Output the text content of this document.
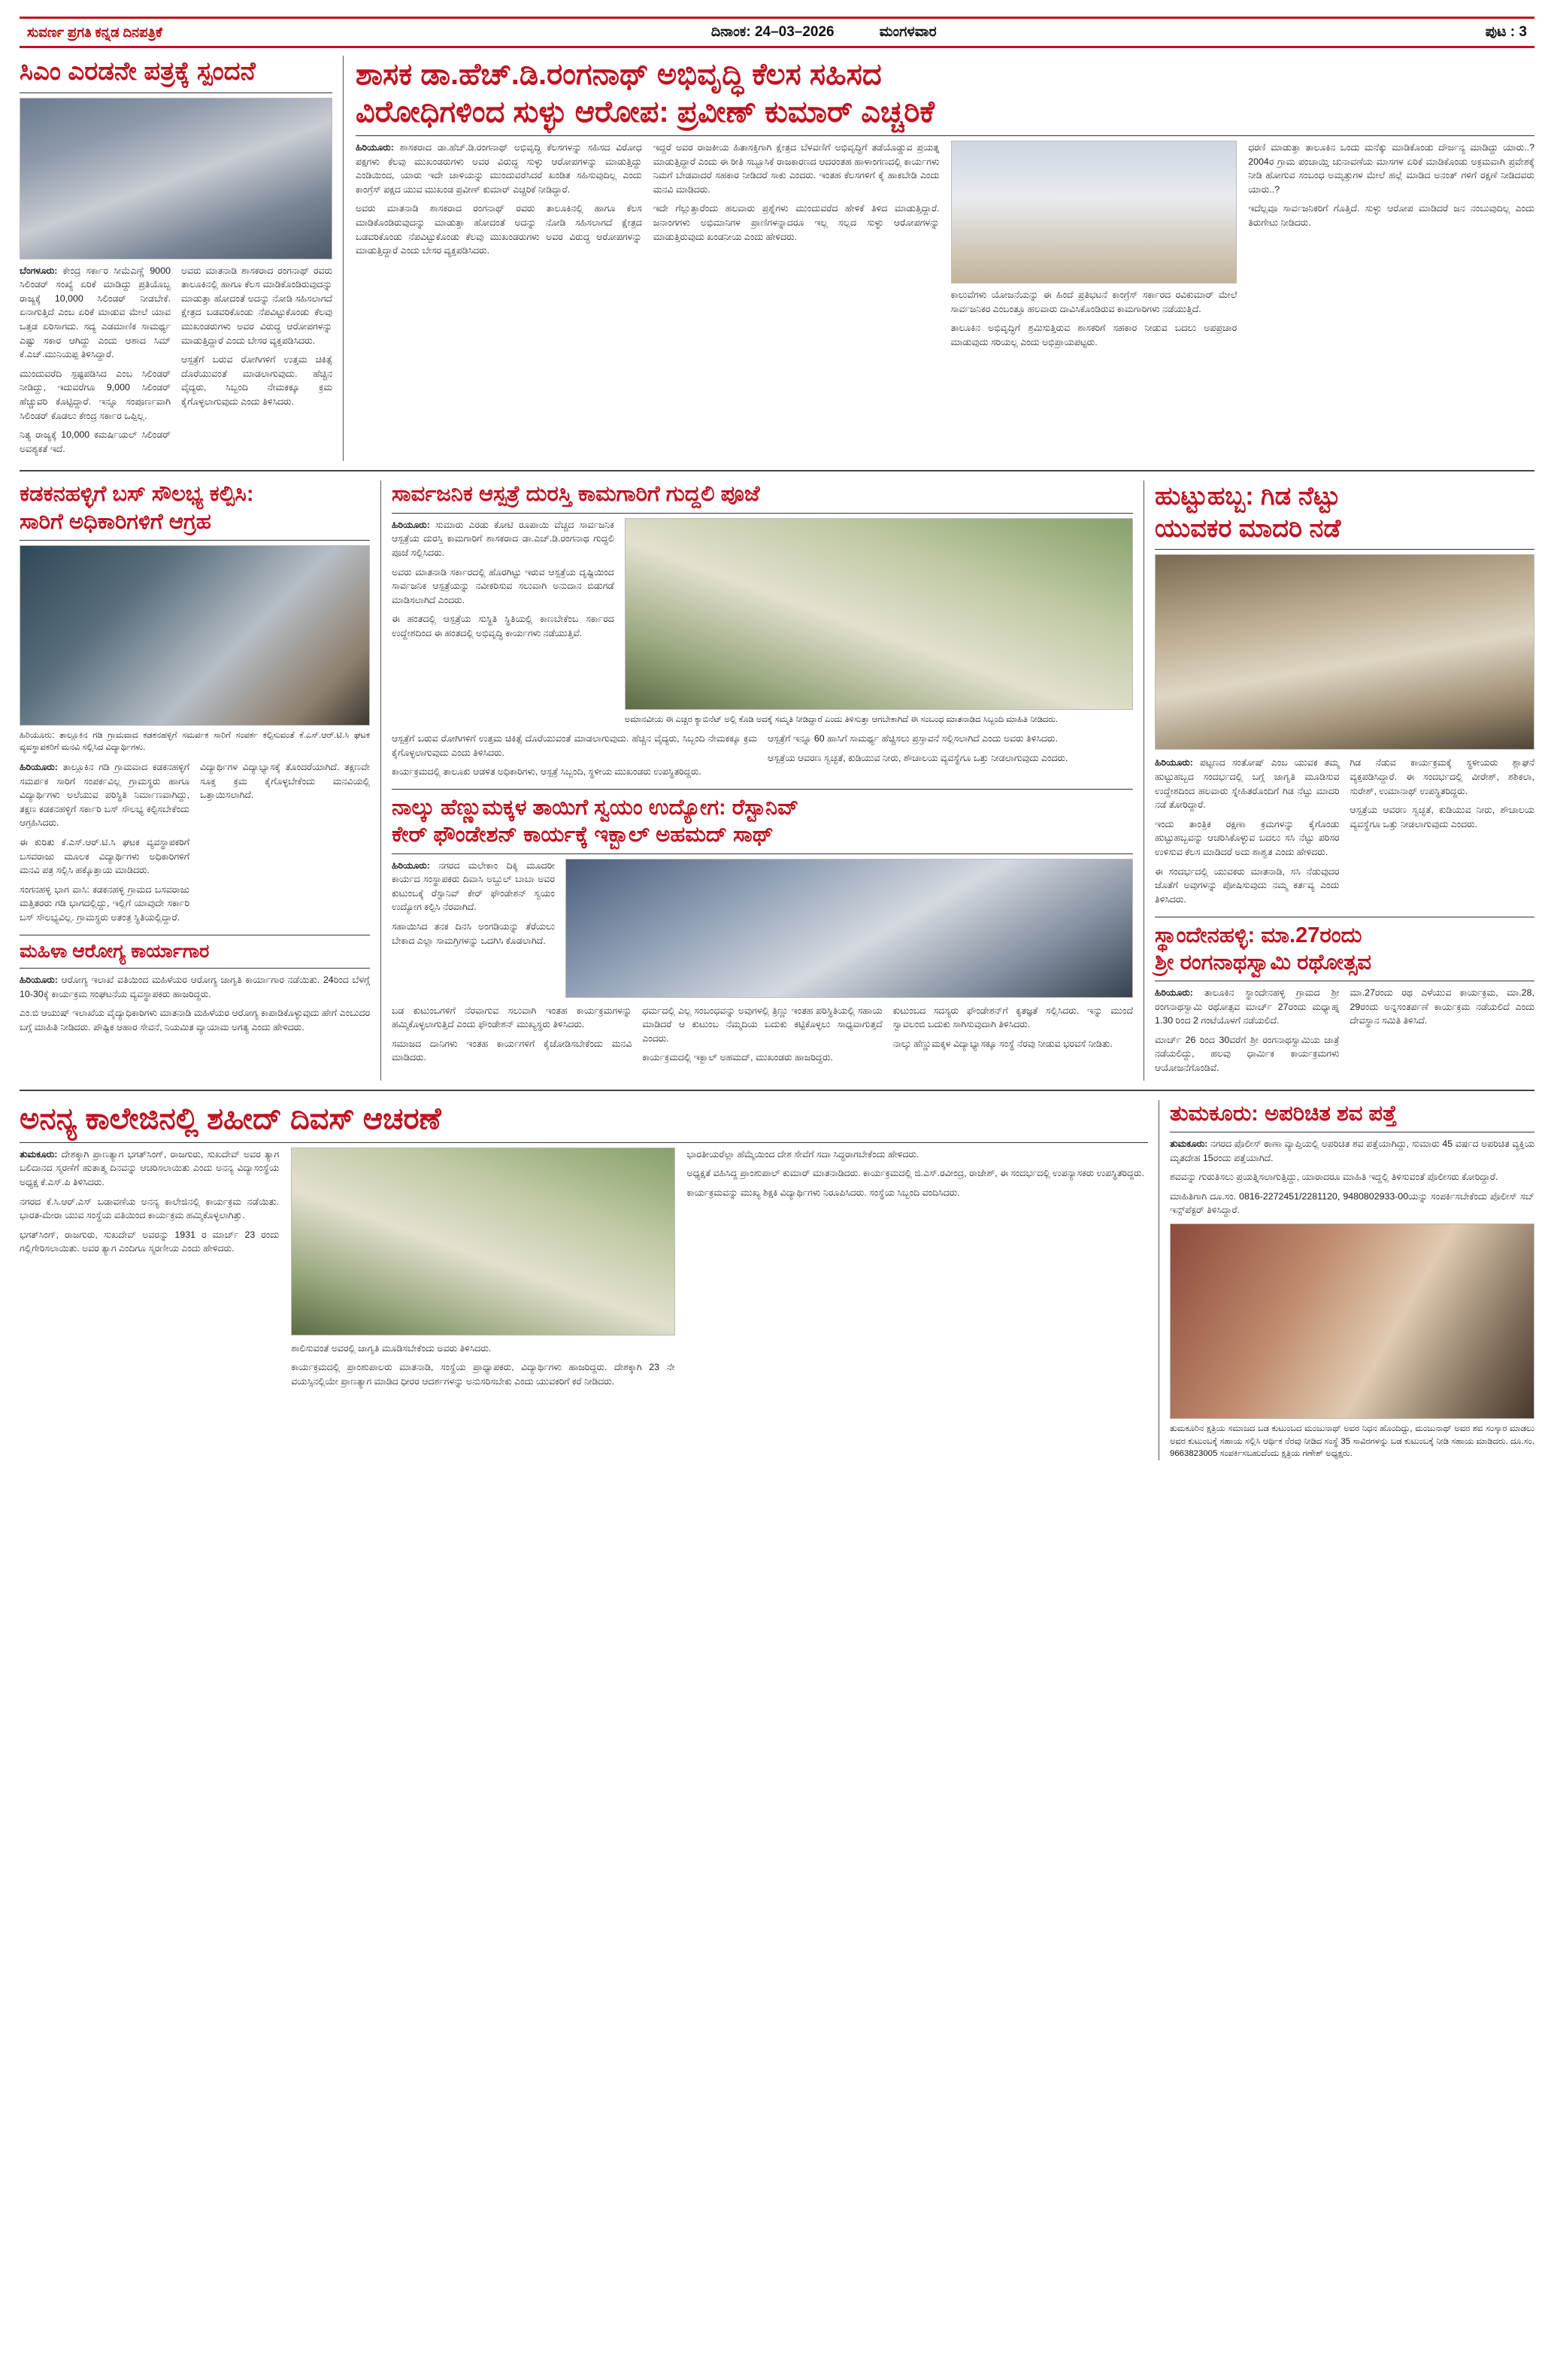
ಸುವರ್ಣ ಪ್ರಗತಿ ಕನ್ನಡ ದಿನಪತ್ರಿಕೆ	ದಿನಾಂಕ: 24–03–2026	ಮಂಗಳವಾರ	ಪುಟ : 3
ಸಿಎಂ ಎರಡನೇ ಪತ್ರಕ್ಕೆ ಸ್ಪಂದನೆ

ಬೆಂಗಳೂರು: ಕೇಂದ್ರ ಸರ್ಕಾರ ಸೀಮೆಎಣ್ಣೆ 9000 ಸಿಲಿಂಡರ್ ಸಂಖ್ಯೆ ಏರಿಕೆ ಮಾಡಿದ್ದು ಪ್ರತಿಯೊಬ್ಬ ರಾಜ್ಯಕ್ಕೆ 10,000 ಸಿಲಿಂಡರ್ ನೀಡಬೇಕೆ. ಏನಾಗುತ್ತಿದೆ ಎಂಬ ಏರಿಕೆ ಮಾಡುವ ಮೇಲೆ ಯಾವ ಒತ್ತಡ ಏರಿಸಾಗದು. ಸದ್ಯ ಎಡಮಾಣಿಕ ಸಾಮರ್ಥ್ಯ ಎಷ್ಟು ಸಕಾರ ಆಗಿದ್ದು ಎಂದು ಆಶಾದ ಸಿಮ್ ಕೆ.ಎಚ್.ಮುನಿಯಪ್ಪ ತಿಳಿಸಿದ್ದಾರೆ.

ಮುಂದುವರೆದಿ ಸ್ಪಷ್ಟಪಡಿಸಿದ ಎಂಬ ಸಿಲಿಂಡರ್ ನೀಡಿದ್ದು, ಇದುವರೆಗೂ 9,000 ಸಿಲಿಂಡರ್ ಹೆಚ್ಚುವರಿ ಕೊಟ್ಟಿದ್ದಾರೆ. ಇನ್ನೂ ಸಂಪೂರ್ಣವಾಗಿ ಸಿಲಿಂಡರ್ ಕೊಡಲು ಕೇಂದ್ರ ಸರ್ಕಾರ ಒಪ್ಪಿಲ್ಲ.

ನಿತ್ಯ ರಾಜ್ಯಕ್ಕೆ 10,000 ಕಮರ್ಷಿಯಲ್ ಸಿಲಿಂಡರ್ ಅವಶ್ಯಕತೆ ಇದೆ.

ಅವರು ಮಾತನಾಡಿ ಶಾಸಕರಾದ ರಂಗನಾಥ್ ರವರು ತಾಲೂಕಿನಲ್ಲಿ ಹಾಗೂ ಕೆಲಸ ಮಾಡಿಕೊಂಡಿರುವುದನ್ನು ಮಾಡುತ್ತಾ ಹೋದಂತೆ ಅದನ್ನು ನೋಡಿ ಸಹಿಸಲಾಗದೆ ಕ್ಷೇತ್ರದ ಬಡವರಿಕೊಂಡು ನೆಪವಿಟ್ಟುಕೊಂಡು ಕೆಲವು ಮುಖಂಡರುಗಳು ಅವರ ವಿರುದ್ಧ ಆರೋಪಗಳನ್ನು ಮಾಡುತ್ತಿದ್ದಾರೆ ಎಂದು ಬೇಸರ ವ್ಯಕ್ತಪಡಿಸಿದರು.

ಆಸ್ಪತ್ರೆಗೆ ಬರುವ ರೋಗಿಗಳಿಗೆ ಉತ್ತಮ ಚಿಕಿತ್ಸೆ ದೊರೆಯುವಂತೆ ಮಾಡಲಾಗುವುದು. ಹೆಚ್ಚಿನ ವೈದ್ಯರು, ಸಿಬ್ಬಂದಿ ನೇಮಕಕ್ಕೂ ಕ್ರಮ ಕೈಗೊಳ್ಳಲಾಗುವುದು ಎಂದು ತಿಳಿಸಿದರು.

ಶಾಸಕ ಡಾ.ಹೆಚ್.ಡಿ.ರಂಗನಾಥ್ ಅಭಿವೃದ್ಧಿ ಕೆಲಸ ಸಹಿಸದ
ವಿರೋಧಿಗಳಿಂದ ಸುಳ್ಳು ಆರೋಪ: ಪ್ರವೀಣ್ ಕುಮಾರ್ ಎಚ್ಚರಿಕೆ

ಹಿರಿಯೂರು: ಶಾಸಕರಾದ ಡಾ.ಹೆಚ್.ಡಿ.ರಂಗನಾಥ್ ಅಭಿವೃದ್ಧಿ ಕೆಲಸಗಳನ್ನು ಸಹಿಸದ ವಿರೋಧ ಪಕ್ಷಗಳು ಕೆಲವು ಮುಖಂಡರುಗಳು ಅವರ ವಿರುದ್ಧ ಸುಳ್ಳು ಆರೋಪಗಳನ್ನು ಮಾಡುತ್ತಿದ್ದು ಎಂಡಿಯಿಂದ, ಯಾರು ಇದೇ ಚಾಳಿಯನ್ನು ಮುಂದುವರೆಸಿದರೆ ಖಂಡಿತ ಸಹಿಸುವುದಿಲ್ಲ ಎಂದು ಕಾಂಗ್ರೆಸ್ ಪಕ್ಷದ ಯುವ ಮುಖಂಡ ಪ್ರವೀಣ್ ಕುಮಾರ್ ಎಚ್ಚರಿಕೆ ನೀಡಿದ್ದಾರೆ.

ಅವರು ಮಾತನಾಡಿ ಶಾಸಕರಾದ ರಂಗನಾಥ್ ರವರು ತಾಲೂಕಿನಲ್ಲಿ ಹಾಗೂ ಕೆಲಸ ಮಾಡಿಕೊಂಡಿರುವುದನ್ನು ಮಾಡುತ್ತಾ ಹೋದಂತೆ ಅದನ್ನು ನೋಡಿ ಸಹಿಸಲಾಗದೆ ಕ್ಷೇತ್ರದ ಬಡವರಿಕೊಂಡು ನೆಪವಿಟ್ಟುಕೊಂಡು ಕೆಲವು ಮುಖಂಡರುಗಳು ಅವರ ವಿರುದ್ಧ ಆರೋಪಗಳನ್ನು ಮಾಡುತ್ತಿದ್ದಾರೆ ಎಂದು ಬೇಸರ ವ್ಯಕ್ತಪಡಿಸಿದರು.

ಇದ್ದರೆ ಅವರ ರಾಜಕೀಯ ಹಿತಾಸಕ್ತಿಗಾಗಿ ಕ್ಷೇತ್ರದ ಬೆಳವಣಿಗೆ ಅಭಿವೃದ್ಧಿಗೆ ತಡೆಯೊಡ್ಡುವ ಪ್ರಯತ್ನ ಮಾಡುತ್ತಿದ್ದಾರೆ ಎಂದು ಈ ರೀತಿ ಸಬ್ಬೂಸಿಕೆ ರಾಜಕಾರಣದ ಆದರಂತಹ ಹಾಳಾಂಗಣದಲ್ಲಿ ಕಾರ್ಯಗಳು ನಿಮಗೆ ಬೇಡವಾದರೆ ಸಹಕಾರ ನೀಡಿದರೆ ಸಾಕು ಎಂದರು. ಇಂತಹ ಕೆಲಸಗಳಿಗೆ ಕೈ ಹಾಕಬೇಡಿ ಎಂದು ಮನವಿ ಮಾಡಿದರು.

ಇದೇ ಗೆಲ್ಲುತ್ತಾರೆಂದು ಹಲವಾರು ಪ್ರಶ್ನೆಗಳು ಮುಂದುವರೆದ ಹೇಳಿಕೆ ತಿಳಿದ ಮಾಡುತ್ತಿದ್ದಾರೆ. ಜನಾಂಗಗಳು ಅಭಿಮಾನಿಗಳ ಪ್ರಾಣಿಗಳನ್ನಾದರೂ ಇಲ್ಲ ಸಲ್ಲದ ಸುಳ್ಳು ಆರೋಪಗಳನ್ನು ಮಾಡುತ್ತಿರುವುದು ಖಂಡನೀಯ ಎಂದು ಹೇಳಿದರು.

ಕಾಲುವೆಗಳು ಯೋಜನೆಯನ್ನು ಈ ಹಿಂದೆ ಪ್ರತಿಭಟನೆ ಕಾಂಗ್ರೆಸ್ ಸರ್ಕಾರದ ರವಿಕುಮಾರ್ ಮೇಲೆ ಸಾರ್ವಜನಿಕರ ಎಂಬಂತ್ತೂ ಹಲವಾರು ದಾವಿಸಿಕೊಂಡಿರುವ ಕಾಮಗಾರಿಗಳು ನಡೆಯುತ್ತಿದೆ.

ತಾಲೂಕಿನ ಅಭಿವೃದ್ಧಿಗೆ ಶ್ರಮಿಸುತ್ತಿರುವ ಶಾಸಕರಿಗೆ ಸಹಕಾರ ನೀಡುವ ಬದಲು ಅಪಪ್ರಚಾರ ಮಾಡುವುದು ಸರಿಯಲ್ಲ ಎಂದು ಅಭಿಪ್ರಾಯಪಟ್ಟರು.

ಧರಣಿ ಮಾಡುತ್ತಾ ತಾಲೂಕಿನ ಒಂದು ಮನೆಕ್ಕು ಮಾಡಿಕೊಂಡು ದೌರ್ಜನ್ಯ ಮಾಡಿದ್ದು ಯಾರು..? 2004ರ ಗ್ರಾಮ ಪಂಚಾಯ್ತಿ ಚುನಾವಣೆಯ ಮಾಸಗಳ ಏರಿಕೆ ಮಾಡಿಕೊಂಡು ಅಕ್ರಮವಾಗಿ ಪ್ರವೇಶಕ್ಕೆ ನೀಡಿ ಹೋಗುವ ಸಂಬಂಧ ಅಮೃತ್ತುಗಳ ಮೇಲೆ ಹಲ್ಲೆ ಮಾಡಿದ ಅನಂತ್ ಗಳಿಗೆ ರಕ್ಷಣೆ ನೀಡಿದವರು ಯಾರು..?

ಇದೆಲ್ಲವೂ ಸಾರ್ವಜನಿಕರಿಗೆ ಗೊತ್ತಿದೆ. ಸುಳ್ಳು ಆರೋಪ ಮಾಡಿದರೆ ಜನ ನಂಬುವುದಿಲ್ಲ ಎಂದು ತಿರುಗೇಟು ನೀಡಿದರು.

ಕಡಕನಹಳ್ಳಿಗೆ ಬಸ್ ಸೌಲಭ್ಯ ಕಲ್ಪಿಸಿ:
ಸಾರಿಗೆ ಅಧಿಕಾರಿಗಳಿಗೆ ಆಗ್ರಹ
ಹಿರಿಯೂರು: ತಾಲ್ಲೂಕಿನ ಗಡಿ ಗ್ರಾಮವಾದ ಕಡಕನಹಳ್ಳಿಗೆ ಸಮರ್ಪಕ ಸಾರಿಗೆ ಸಂಪರ್ಕ ಕಲ್ಪಿಸುವಂತೆ ಕೆ.ಎಸ್.ಆರ್.ಟಿ.ಸಿ ಘಟಕ ವ್ಯವಸ್ಥಾಪಕರಿಗೆ ಮನವಿ ಸಲ್ಲಿಸಿದ ವಿದ್ಯಾರ್ಥಿಗಳು.

ಹಿರಿಯೂರು: ತಾಲ್ಲೂಕಿನ ಗಡಿ ಗ್ರಾಮವಾದ ಕಡಕನಹಳ್ಳಿಗೆ ಸಮರ್ಪಕ ಸಾರಿಗೆ ಸಂಪರ್ಕವಿಲ್ಲ ಗ್ರಾಮಸ್ಥರು ಹಾಗೂ ವಿದ್ಯಾರ್ಥಿಗಳು ಅಲೆಯುವ ಪರಿಸ್ಥಿತಿ ನಿರ್ಮಾಣವಾಗಿದ್ದು, ತಕ್ಷಣ ಕಡಕನಹಳ್ಳಿಗೆ ಸರ್ಕಾರಿ ಬಸ್ ಸೌಲಭ್ಯ ಕಲ್ಪಿಸಬೇಕೆಂದು ಆಗ್ರಹಿಸಿದರು.

ಈ ಕುರಿತು ಕೆ.ಎಸ್.ಆರ್.ಟಿ.ಸಿ ಘಟಕ ವ್ಯವಸ್ಥಾಪಕರಿಗೆ ಬಸವರಾಜು ಮೂಲಕ ವಿದ್ಯಾರ್ಥಿಗಳು ಅಧಿಕಾರಿಗಳಿಗೆ ಮನವಿ ಪತ್ರ ಸಲ್ಲಿಸಿ ಹಕ್ಕೊತ್ತಾಯ ಮಾಡಿದರು.

ಸಂಗನಹಳ್ಳಿ ಭಾಗ ವಾಸಿ: ಕಡಕನಹಳ್ಳಿ ಗ್ರಾಮದ ಬಸವರಾಜು ಮತ್ತಿತರರು ಗಡಿ ಭಾಗದಲ್ಲಿದ್ದು, ಇಲ್ಲಿಗೆ ಯಾವುದೇ ಸರ್ಕಾರಿ ಬಸ್ ಸೌಲಭ್ಯವಿಲ್ಲ. ಗ್ರಾಮಸ್ಥರು ಅತಂತ್ರ ಸ್ಥಿತಿಯಲ್ಲಿದ್ದಾರೆ.

ವಿದ್ಯಾರ್ಥಿಗಳ ವಿದ್ಯಾಭ್ಯಾಸಕ್ಕೆ ತೊಂದರೆಯಾಗಿದೆ. ತಕ್ಷಣವೇ ಸೂಕ್ತ ಕ್ರಮ ಕೈಗೊಳ್ಳಬೇಕೆಂದು ಮನವಿಯಲ್ಲಿ ಒತ್ತಾಯಿಸಲಾಗಿದೆ.

ಮಹಿಳಾ ಆರೋಗ್ಯ ಕಾರ್ಯಾಗಾರ

ಹಿರಿಯೂರು: ಆರೋಗ್ಯ ಇಲಾಖೆ ವತಿಯಿಂದ ಮಹಿಳೆಯರ ಆರೋಗ್ಯ ಜಾಗೃತಿ ಕಾರ್ಯಾಗಾರ ನಡೆಯಿತು. 24ರಿಂದ ಬೆಳಗ್ಗೆ 10-30ಕ್ಕೆ ಕಾರ್ಯಕ್ರಮ ಸಂಘಟನೆಯ ವ್ಯವಸ್ಥಾಪಕರು ಹಾಜರಿದ್ದರು.

ಎಂ.ಬಿ ಆಯುಷ್ ಇಲಾಖೆಯ ವೈದ್ಯಾಧಿಕಾರಿಗಳು ಮಾತನಾಡಿ ಮಹಿಳೆಯರ ಆರೋಗ್ಯ ಕಾಪಾಡಿಕೊಳ್ಳುವುದು ಹೇಗೆ ಎಂಬುದರ ಬಗ್ಗೆ ಮಾಹಿತಿ ನೀಡಿದರು. ಪೌಷ್ಟಿಕ ಆಹಾರ ಸೇವನೆ, ನಿಯಮಿತ ವ್ಯಾಯಾಮ ಅಗತ್ಯ ಎಂದು ಹೇಳಿದರು.

ಸಾರ್ವಜನಿಕ ಆಸ್ಪತ್ರೆ ದುರಸ್ತಿ ಕಾಮಗಾರಿಗೆ ಗುದ್ದಲಿ ಪೂಜೆ

ಹಿರಿಯೂರು: ಸುಮಾರು ಎರಡು ಕೋಟಿ ರೂಪಾಯಿ ವೆಚ್ಚದ ಸಾರ್ವಜನಿಕ ಆಸ್ಪತ್ರೆಯ ದುರಸ್ತಿ ಕಾಮಗಾರಿಗೆ ಶಾಸಕರಾದ ಡಾ.ಎಚ್.ಡಿ.ರಂಗನಾಥ ಗುದ್ದಲಿ ಪೂಜೆ ಸಲ್ಲಿಸಿದರು.

ಅವರು ಮಾತನಾಡಿ ಸರ್ಕಾರದಲ್ಲಿ ಹೊರಗಿಟ್ಟು ಇರುವ ಆಸ್ಪತ್ರೆಯ ದೃಷ್ಟಿಯಿಂದ ಸಾರ್ವಜನಿಕ ಆಸ್ಪತ್ರೆಯನ್ನು ನವೀಕರಿಸುವ ಸಲುವಾಗಿ ಅನುದಾನ ಬಿಡುಗಡೆ ಮಾಡಿಸಲಾಗಿದೆ ಎಂದರು.

ಈ ಹಂತದಲ್ಲಿ ಆಸ್ಪತ್ರೆಯ ಸುಸ್ಥಿತಿ ಸ್ಥಿತಿಯಲ್ಲಿ ಕಾಣಬೇಕೆಂಬ ಸರ್ಕಾರದ ಉದ್ದೇಶದಿಂದ ಈ ಹಂತದಲ್ಲಿ ಅಭಿವೃದ್ಧಿ ಕಾರ್ಯಗಳು ನಡೆಯುತ್ತಿವೆ.

ಅಮಾನವೀಯ ಈ ಎಚ್ಚರ ಕ್ಯಾಬಿನೆಟ್ ಅಲ್ಲಿ ಕೊಡಿ ಅದಕ್ಕೆ ಸಮ್ಮತಿ ನೀಡಿದ್ದಾರೆ ಎಂದು ತಿಳಿಸುತ್ತಾ ಆಗಬೇಕಾಗಿದೆ ಈ ಸಂಬಂಧ ಮಾತನಾಡಿದ ಸಿಬ್ಬಂದಿ ಮಾಹಿತಿ ನೀಡಿದರು.

ಆಸ್ಪತ್ರೆಗೆ ಬರುವ ರೋಗಿಗಳಿಗೆ ಉತ್ತಮ ಚಿಕಿತ್ಸೆ ದೊರೆಯುವಂತೆ ಮಾಡಲಾಗುವುದು. ಹೆಚ್ಚಿನ ವೈದ್ಯರು, ಸಿಬ್ಬಂದಿ ನೇಮಕಕ್ಕೂ ಕ್ರಮ ಕೈಗೊಳ್ಳಲಾಗುವುದು ಎಂದು ತಿಳಿಸಿದರು.

ಕಾರ್ಯಕ್ರಮದಲ್ಲಿ ತಾಲೂಕು ಆಡಳಿತ ಅಧಿಕಾರಿಗಳು, ಆಸ್ಪತ್ರೆ ಸಿಬ್ಬಂದಿ, ಸ್ಥಳೀಯ ಮುಖಂಡರು ಉಪಸ್ಥಿತರಿದ್ದರು.

ಆಸ್ಪತ್ರೆಗೆ ಇನ್ನೂ 60 ಹಾಸಿಗೆ ಸಾಮರ್ಥ್ಯ ಹೆಚ್ಚಿಸಲು ಪ್ರಸ್ತಾವನೆ ಸಲ್ಲಿಸಲಾಗಿದೆ ಎಂದು ಅವರು ತಿಳಿಸಿದರು.

ಆಸ್ಪತ್ರೆಯ ಆವರಣ ಸ್ವಚ್ಛತೆ, ಕುಡಿಯುವ ನೀರು, ಶೌಚಾಲಯ ವ್ಯವಸ್ಥೆಗೂ ಒತ್ತು ನೀಡಲಾಗುವುದು ಎಂದರು.

ನಾಲ್ಕು ಹೆಣ್ಣುಮಕ್ಕಳ ತಾಯಿಗೆ ಸ್ವಯಂ ಉದ್ಯೋಗ: ರೆಸ್ಟಾನಿವ್
ಕೇರ್ ಫೌಂಡೇಶನ್ ಕಾರ್ಯಕ್ಕೆ ಇಕ್ಬಾಲ್ ಅಹಮದ್ ಸಾಥ್

ಹಿರಿಯೂರು: ನಗರದ ಮಲೇಕಾಂ ದಿಕ್ಕಿ ಮೂದರೀ ಕಾರ್ಯದ ಸಂಸ್ಥಾಪಕರು ದಿವಾಸಿ ಅಬ್ದುಲ್ ಬಾಬಾ ಅವರ ಕುಟುಂಬಕ್ಕೆ ರೆಸ್ಟಾನಿವ್ ಕೇರ್ ಫೌಂಡೇಶನ್ ಸ್ವಯಂ ಉದ್ಯೋಗ ಕಲ್ಪಿಸಿ ನೆರವಾಗಿದೆ.

ಸಹಾಯಿಸಿದ ತನಕ ದಿನಸಿ ಅಂಗಡಿಯನ್ನು ತೆರೆಯಲು ಬೇಕಾದ ಎಲ್ಲಾ ಸಾಮಗ್ರಿಗಳನ್ನು ಒದಗಿಸಿ ಕೊಡಲಾಗಿದೆ.

ಬಡ ಕುಟುಂಬಗಳಿಗೆ ನೆರವಾಗುವ ಸಲುವಾಗಿ ಇಂತಹ ಕಾರ್ಯಕ್ರಮಗಳನ್ನು ಹಮ್ಮಿಕೊಳ್ಳಲಾಗುತ್ತಿದೆ ಎಂದು ಫೌಂಡೇಶನ್ ಮುಖ್ಯಸ್ಥರು ತಿಳಿಸಿದರು.

ಸಮಾಜದ ದಾನಿಗಳು ಇಂತಹ ಕಾರ್ಯಗಳಿಗೆ ಕೈಜೋಡಿಸಬೇಕೆಂದು ಮನವಿ ಮಾಡಿದರು.

ಧರ್ಮದಲ್ಲಿ ಎಲ್ಲ ಸಂಬಂಧವನ್ನು ಅವುಗಳಲ್ಲಿ ತ್ರಿಣ್ಣು ಇಂತಹ ಪರಿಸ್ಥಿತಿಯಲ್ಲಿ ಸಹಾಯ ಮಾಡಿದರೆ ಆ ಕುಟುಂಬ ನೆಮ್ಮದಿಯ ಬದುಕು ಕಟ್ಟಿಕೊಳ್ಳಲು ಸಾಧ್ಯವಾಗುತ್ತದೆ ಎಂದರು.

ಕಾರ್ಯಕ್ರಮದಲ್ಲಿ ಇಕ್ಬಾಲ್ ಅಹಮದ್, ಮುಖಂಡರು ಹಾಜರಿದ್ದರು.

ಕುಟುಂಬದ ಸದಸ್ಯರು ಫೌಂಡೇಶನ್‌ಗೆ ಕೃತಜ್ಞತೆ ಸಲ್ಲಿಸಿದರು. ಇನ್ನು ಮುಂದೆ ಸ್ವಾವಲಂಬಿ ಬದುಕು ಸಾಗಿಸುವುದಾಗಿ ತಿಳಿಸಿದರು.

ನಾಲ್ಕು ಹೆಣ್ಣುಮಕ್ಕಳ ವಿದ್ಯಾಭ್ಯಾಸಕ್ಕೂ ಸಂಸ್ಥೆ ನೆರವು ನೀಡುವ ಭರವಸೆ ನೀಡಿತು.

ಹುಟ್ಟುಹಬ್ಬ: ಗಿಡ ನೆಟ್ಟು
ಯುವಕರ ಮಾದರಿ ನಡೆ

ಹಿರಿಯೂರು: ಪಟ್ಟಣದ ಸಂತೋಷ್ ಎಂಬ ಯುವಕ ತಮ್ಮ ಹುಟ್ಟುಹಬ್ಬದ ಸಂದರ್ಭದಲ್ಲಿ ಬಗ್ಗೆ ಜಾಗೃತಿ ಮೂಡಿಸುವ ಉದ್ದೇಶದಿಂದ ಹಲವಾರು ಸ್ನೇಹಿತರೊಂದಿಗೆ ಗಿಡ ನೆಟ್ಟು ಮಾದರಿ ನಡೆ ತೋರಿದ್ದಾರೆ.

ಇಂದು ತಾಂತ್ರಿಕ ರಕ್ಷಣಾ ಕ್ರಮಗಳನ್ನು ಕೈಗೊಂಡು ಹುಟ್ಟುಹಬ್ಬವನ್ನು ಆಚರಿಸಿಕೊಳ್ಳುವ ಬದಲು ಸಸಿ ನೆಟ್ಟು ಪರಿಸರ ಉಳಿಸುವ ಕೆಲಸ ಮಾಡಿದರೆ ಅದು ಶಾಶ್ವತ ಎಂದು ಹೇಳಿದರು.

ಈ ಸಂದರ್ಭದಲ್ಲಿ ಯುವಕರು ಮಾತನಾಡಿ, ಸಸಿ ನೆಡುವುದರ ಜೊತೆಗೆ ಅವುಗಳನ್ನು ಪೋಷಿಸುವುದು ನಮ್ಮ ಕರ್ತವ್ಯ ಎಂದು ತಿಳಿಸಿದರು.

ಗಿಡ ನೆಡುವ ಕಾರ್ಯಕ್ರಮಕ್ಕೆ ಸ್ಥಳೀಯರು ಶ್ಲಾಘನೆ ವ್ಯಕ್ತಪಡಿಸಿದ್ದಾರೆ. ಈ ಸಂದರ್ಭದಲ್ಲಿ ವೀರೇಶ್, ಶಶಿಕಲಾ, ಸುರೇಶ್, ಉಮಾನಾಥ್ ಉಪಸ್ಥಿತರಿದ್ದರು.

ಆಸ್ಪತ್ರೆಯ ಆವರಣ ಸ್ವಚ್ಛತೆ, ಕುಡಿಯುವ ನೀರು, ಶೌಚಾಲಯ ವ್ಯವಸ್ಥೆಗೂ ಒತ್ತು ನೀಡಲಾಗುವುದು ಎಂದರು.

ಸ್ಥಾಂದೇನಹಳ್ಳಿ: ಮಾ.27ರಂದು
ಶ್ರೀ ರಂಗನಾಥಸ್ವಾಮಿ ರಥೋತ್ಸವ

ಹಿರಿಯೂರು: ತಾಲೂಕಿನ ಸ್ಥಾಂದೇನಹಳ್ಳಿ ಗ್ರಾಮದ ಶ್ರೀ ರಂಗನಾಥಸ್ವಾಮಿ ರಥೋತ್ಸವ ಮಾರ್ಚ್ 27ರಂದು ಮಧ್ಯಾಹ್ನ 1.30 ರಿಂದ 2 ಗಂಟೆಯೊಳಗೆ ನಡೆಯಲಿದೆ.

ಮಾರ್ಚ್ 26 ರಿಂದ 30ವರೆಗೆ ಶ್ರೀ ರಂಗನಾಥಸ್ವಾಮಿಯ ಜಾತ್ರೆ ನಡೆಯಲಿದ್ದು, ಹಲವು ಧಾರ್ಮಿಕ ಕಾರ್ಯಕ್ರಮಗಳು ಆಯೋಜನೆಗೊಂಡಿವೆ.

ಮಾ.27ರಂದು ರಥ ಎಳೆಯುವ ಕಾರ್ಯಕ್ರಮ, ಮಾ.28, 29ರಂದು ಅನ್ನಸಂತರ್ಪಣೆ ಕಾರ್ಯಕ್ರಮ ನಡೆಯಲಿದೆ ಎಂದು ದೇವಸ್ಥಾನ ಸಮಿತಿ ತಿಳಿಸಿದೆ.

ಅನನ್ಯ ಕಾಲೇಜಿನಲ್ಲಿ ಶಹೀದ್ ದಿವಸ್ ಆಚರಣೆ

ತುಮಕೂರು: ದೇಶಕ್ಕಾಗಿ ಪ್ರಾಣತ್ಯಾಗ ಭಗತ್‌ಸಿಂಗ್, ರಾಜಗುರು, ಸುಖದೇವ್ ಅವರ ತ್ಯಾಗ ಬಲಿದಾನದ ಸ್ಮರಣೆಗೆ ಹುತಾತ್ಮ ದಿನವನ್ನು ಆಚರಿಸಲಾಯಿತು ಎಂದು ಅನನ್ಯ ವಿದ್ಯಾಸಂಸ್ಥೆಯ ಅಧ್ಯಕ್ಷ ಕೆ.ಎಸ್.ಪಿ ತಿಳಿಸಿದರು.

ನಗರದ ಕೆ.ಸಿ.ಆರ್.ಎಸ್ ಬಡಾವಣೆಯ ಅನನ್ಯ ಕಾಲೇಜಿನಲ್ಲಿ ಕಾರ್ಯಕ್ರಮ ನಡೆಯಿತು. ಭಾರತ-ಮೇರಾ ಯುವ ಸಂಸ್ಥೆಯ ವತಿಯಿಂದ ಕಾರ್ಯಕ್ರಮ ಹಮ್ಮಿಕೊಳ್ಳಲಾಗಿತ್ತು.

ಭಗತ್‌ಸಿಂಗ್, ರಾಜಗುರು, ಸುಖದೇವ್ ಅವರನ್ನು 1931 ರ ಮಾರ್ಚ್ 23 ರಂದು ಗಲ್ಲಿಗೇರಿಸಲಾಯಿತು. ಅವರ ತ್ಯಾಗ ಎಂದಿಗೂ ಸ್ಮರಣೀಯ ಎಂದು ಹೇಳಿದರು.

ಶಾಲಿಸುವಂತೆ ಅವರಲ್ಲಿ ಜಾಗೃತಿ ಮೂಡಿಸಬೇಕೆಂದು ಅವರು ತಿಳಿಸಿದರು.

ಕಾರ್ಯಕ್ರಮದಲ್ಲಿ ಪ್ರಾಂಶುಪಾಲರು ಮಾತನಾಡಿ, ಸಂಸ್ಥೆಯ ಪ್ರಾಧ್ಯಾಪಕರು, ವಿದ್ಯಾರ್ಥಿಗಳು ಹಾಜರಿದ್ದರು. ದೇಶಕ್ಕಾಗಿ 23 ನೇ ವಯಸ್ಸಿನಲ್ಲಿಯೇ ಪ್ರಾಣತ್ಯಾಗ ಮಾಡಿದ ಧೀರರ ಆದರ್ಶಗಳನ್ನು ಅನುಸರಿಸಬೇಕು ಎಂದು ಯುವಕರಿಗೆ ಕರೆ ನೀಡಿದರು.

ಭಾರತೀಯರೆಲ್ಲಾ ಹೆಮ್ಮೆಯಿಂದ ದೇಶ ಸೇವೆಗೆ ಸದಾ ಸಿದ್ಧರಾಗಬೇಕೆಂದು ಹೇಳಿದರು.

ಅಧ್ಯಕ್ಷತೆ ವಹಿಸಿದ್ದ ಪ್ರಾಂಶುಪಾಲ್ ಕುಮಾರ್ ಮಾತನಾಡಿದರು. ಕಾರ್ಯಕ್ರಮದಲ್ಲಿ ಜಿ.ಎಸ್.ರವೀಂದ್ರ, ರಾಜೇಶ್, ಈ ಸಂದರ್ಭದಲ್ಲಿ ಉಪನ್ಯಾಸಕರು ಉಪಸ್ಥಿತರಿದ್ದರು.

ಕಾರ್ಯಕ್ರಮವನ್ನು ಮುಖ್ಯ ಶಿಕ್ಷಕಿ ವಿದ್ಯಾರ್ಥಿಗಳು ನಿರೂಪಿಸಿದರು. ಸಂಸ್ಥೆಯ ಸಿಬ್ಬಂದಿ ವಂದಿಸಿದರು.

ತುಮಕೂರು: ಅಪರಿಚಿತ ಶವ ಪತ್ತೆ

ತುಮಕೂರು: ನಗರದ ಪೊಲೀಸ್ ಠಾಣಾ ವ್ಯಾಪ್ತಿಯಲ್ಲಿ ಅಪರಿಚಿತ ಶವ ಪತ್ತೆಯಾಗಿದ್ದು, ಸುಮಾರು 45 ವರ್ಷದ ಅಪರಿಚಿತ ವ್ಯಕ್ತಿಯ ಮೃತದೇಹ 15ರಂದು ಪತ್ತೆಯಾಗಿದೆ.

ಶವವನ್ನು ಗುರುತಿಸಲು ಪ್ರಯತ್ನಿಸಲಾಗುತ್ತಿದ್ದು, ಯಾರಾದರೂ ಮಾಹಿತಿ ಇದ್ದಲ್ಲಿ ತಿಳಿಸುವಂತೆ ಪೊಲೀಸರು ಕೋರಿದ್ದಾರೆ.

ಮಾಹಿತಿಗಾಗಿ ದೂ.ಸಂ. 0816-2272451/2281120, 9480802933-00ಯನ್ನು ಸಂಪರ್ಕಿಸಬೇಕೆಂದು ಪೊಲೀಸ್ ಸಬ್ ಇನ್ಸ್‌ಪೆಕ್ಟರ್ ತಿಳಿಸಿದ್ದಾರೆ.

ತುಮಕೂರಿನ ಕ್ಷತ್ರಿಯ ಸಮಾಜದ ಬಡ ಕುಟುಂಬದ ಮಂಜುನಾಥ್ ಅವರ ನಿಧನ ಹೊಂದಿದ್ದು, ಮಂಜುನಾಥ್ ಅವರ ಶವ ಸಂಸ್ಕಾರ ಮಾಡಲು ಅವರ ಕುಟುಂಬಕ್ಕೆ ಸಹಾಯ ಸಲ್ಲಿಸಿ ಆರ್ಥಿಕ ನೆರವು ನೀಡಿದ ಸಂಸ್ಥೆ 35 ಸಾವಿರಗಳನ್ನು ಬಡ ಕುಟುಂಬಕ್ಕೆ ನೀಡಿ ಸಹಾಯ ಮಾಡಿದರು. ದೂ.ಸಂ. 9663823005 ಸಂಪರ್ಕಿಸಬಹುದೆಂದು ಕ್ಷತ್ರಿಯ ಗಣೇಶ್ ಅಧ್ಯಕ್ಷರು.
